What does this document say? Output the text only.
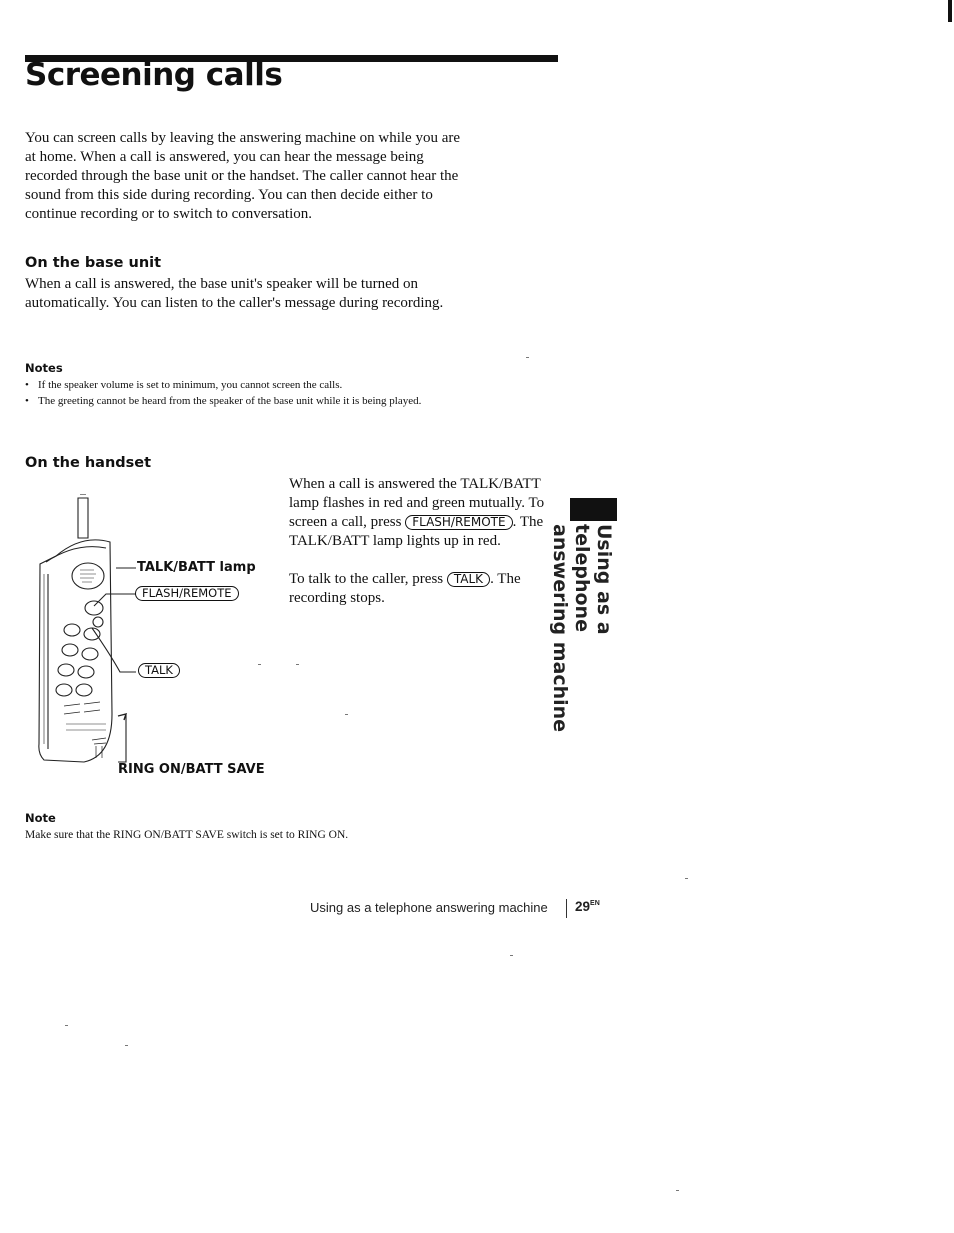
Screening calls

You can screen calls by leaving the answering machine on while you are at home. When a call is answered, you can hear the message being recorded through the base unit or the handset. The caller cannot hear the sound from this side during recording. You can then decide either to continue recording or to switch to conversation.

On the base unit

When a call is answered, the base unit's speaker will be turned on automatically. You can listen to the caller's message during recording.

Notes
• If the speaker volume is set to minimum, you cannot screen the calls.
• The greeting cannot be heard from the speaker of the base unit while it is being played.
On the handset
TALK/BATT lamp
FLASH/REMOTE
TALK
RING ON/BATT SAVE

When a call is answered the TALK/BATT lamp flashes in red and green mutually. To screen a call, press FLASH/REMOTE . The TALK/BATT lamp lights up in red.

To talk to the caller, press TALK . The recording stops.	Using as a telephone answering machine
Note
Make sure that the RING ON/BATT SAVE switch is set to RING ON.
Using as a telephone answering machine $29^{EN}$
